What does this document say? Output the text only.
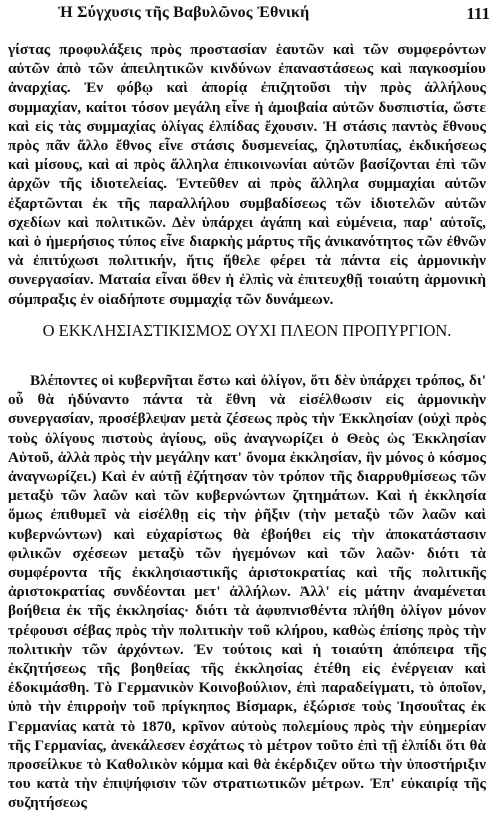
Ἡ Σύγχυσις τῆς Βαβυλῶνος Ἐθνική	111

γίστας προφυλάξεις πρὸς προστασίαν ἑαυτῶν καὶ τῶν συμφερόντων αὐτῶν ἀπὸ τῶν ἀπειλητικῶν κινδύνων ἐπαναστάσεως καὶ παγκοσμίου ἀναρχίας. Ἐν φόβῳ καὶ ἀπορίᾳ ἐπιζητοῦσι τὴν πρὸς ἀλλήλους συμμαχίαν, καίτοι τόσον μεγάλη εἶνε ἡ ἀμοιβαία αὐτῶν δυσπιστία, ὥστε καὶ εἰς τὰς συμμαχίας ὀλίγας ἐλπίδας ἔχουσιν. Ἡ στάσις παντὸς ἔθνους πρὸς πᾶν ἄλλο ἔθνος εἶνε στάσις δυσμενείας, ζηλοτυπίας, ἐκδικήσεως καὶ μίσους, καὶ αἱ πρὸς ἄλληλα ἐπικοινωνίαι αὐτῶν βασίζονται ἐπὶ τῶν ἀρχῶν τῆς ἰδιοτελείας. Ἐντεῦθεν αἱ πρὸς ἄλληλα συμμαχίαι αὐτῶν ἐξαρτῶνται ἐκ τῆς παραλλήλου συμβαδίσεως τῶν ἰδιοτελῶν αὐτῶν σχεδίων καὶ πολιτικῶν. Δὲν ὑπάρχει ἀγάπη καὶ εὐμένεια, παρ' αὐτοῖς, καὶ ὁ ἡμερήσιος τύπος εἶνε διαρκὴς μάρτυς τῆς ἀνικανότητος τῶν ἐθνῶν νὰ ἐπιτύχωσι πολιτικήν, ἥτις ἤθελε φέρει τὰ πάντα εἰς ἁρμονικὴν συνεργασίαν. Ματαία εἶναι ὅθεν ἡ ἐλπὶς νὰ ἐπιτευχθῇ τοιαύτη ἁρμονικὴ σύμπραξις ἐν οἱαδήποτε συμμαχίᾳ τῶν δυνάμεων.

Ο ΕΚΚΛΗΣΙΑΣΤΙΚΙΣΜΟΣ ΟΥΧΙ ΠΛΕΟΝ ΠΡΟΠΥΡΓΙΟΝ.

Βλέποντες οἱ κυβερνῆται ἔστω καὶ ὀλίγον, ὅτι δὲν ὑπάρχει τρόπος, δι' οὗ θὰ ἠδύναντο πάντα τὰ ἔθνη νὰ εἰσέλθωσιν εἰς ἁρμονικὴν συνεργασίαν, προσέβλεψαν μετὰ ζέσεως πρὸς τὴν Ἐκκλησίαν (οὐχὶ πρὸς τοὺς ὀλίγους πιστοὺς ἁγίους, οὓς ἀναγνωρίζει ὁ Θεὸς ὡς Ἐκκλησίαν Αὐτοῦ, ἀλλὰ πρὸς τὴν μεγάλην κατ' ὄνομα ἐκκλησίαν, ἣν μόνος ὁ κόσμος ἀναγνωρίζει.) Καὶ ἐν αὐτῇ ἐζήτησαν τὸν τρόπον τῆς διαρρυθμίσεως τῶν μεταξὺ τῶν λαῶν καὶ τῶν κυβερνώντων ζητημάτων. Καὶ ἡ ἐκκλησία ὅμως ἐπιθυμεῖ νὰ εἰσέλθῃ εἰς τὴν ῥῆξιν (τὴν μεταξὺ τῶν λαῶν καὶ κυβερνώντων) καὶ εὐχαρίστως θὰ ἐβοήθει εἰς τὴν ἀποκατάστασιν φιλικῶν σχέσεων μεταξὺ τῶν ἡγεμόνων καὶ τῶν λαῶν· διότι τὰ συμφέροντα τῆς ἐκκλησιαστικῆς ἀριστοκρατίας καὶ τῆς πολιτικῆς ἀριστοκρατίας συνδέονται μετ' ἀλλήλων. Ἀλλ' εἰς μάτην ἀναμένεται βοήθεια ἐκ τῆς ἐκκλησίας· διότι τὰ ἀφυπνισθέντα πλήθη ὀλίγον μόνον τρέφουσι σέβας πρὸς τὴν πολιτικὴν τοῦ κλήρου, καθὼς ἐπίσης πρὸς τὴν πολιτικὴν τῶν ἀρχόντων. Ἐν τούτοις καὶ ἡ τοιαύτη ἀπόπειρα τῆς ἐκζητήσεως τῆς βοηθείας τῆς ἐκκλησίας ἐτέθη εἰς ἐνέργειαν καὶ ἐδοκιμάσθη. Τὸ Γερμανικὸν Κοινοβούλιον, ἐπὶ παραδείγματι, τὸ ὁποῖον, ὑπὸ τὴν ἐπιρροὴν τοῦ πρίγκηπος Βίσμαρκ, ἐξώρισε τοὺς Ἰησουΐτας ἐκ Γερμανίας κατὰ τὸ 1870, κρῖνον αὐτοὺς πολεμίους πρὸς τὴν εὐημερίαν τῆς Γερμανίας, ἀνεκάλεσεν ἐσχάτως τὸ μέτρον τοῦτο ἐπὶ τῇ ἐλπίδι ὅτι θὰ προσείλκυε τὸ Καθολικὸν κόμμα καὶ θὰ ἐκέρδιζεν οὕτω τὴν ὑποστήριξιν του κατὰ τὴν ἐπιψήφισιν τῶν στρατιωτικῶν μέτρων. Ἐπ' εὐκαιρίᾳ τῆς συζητήσεως
